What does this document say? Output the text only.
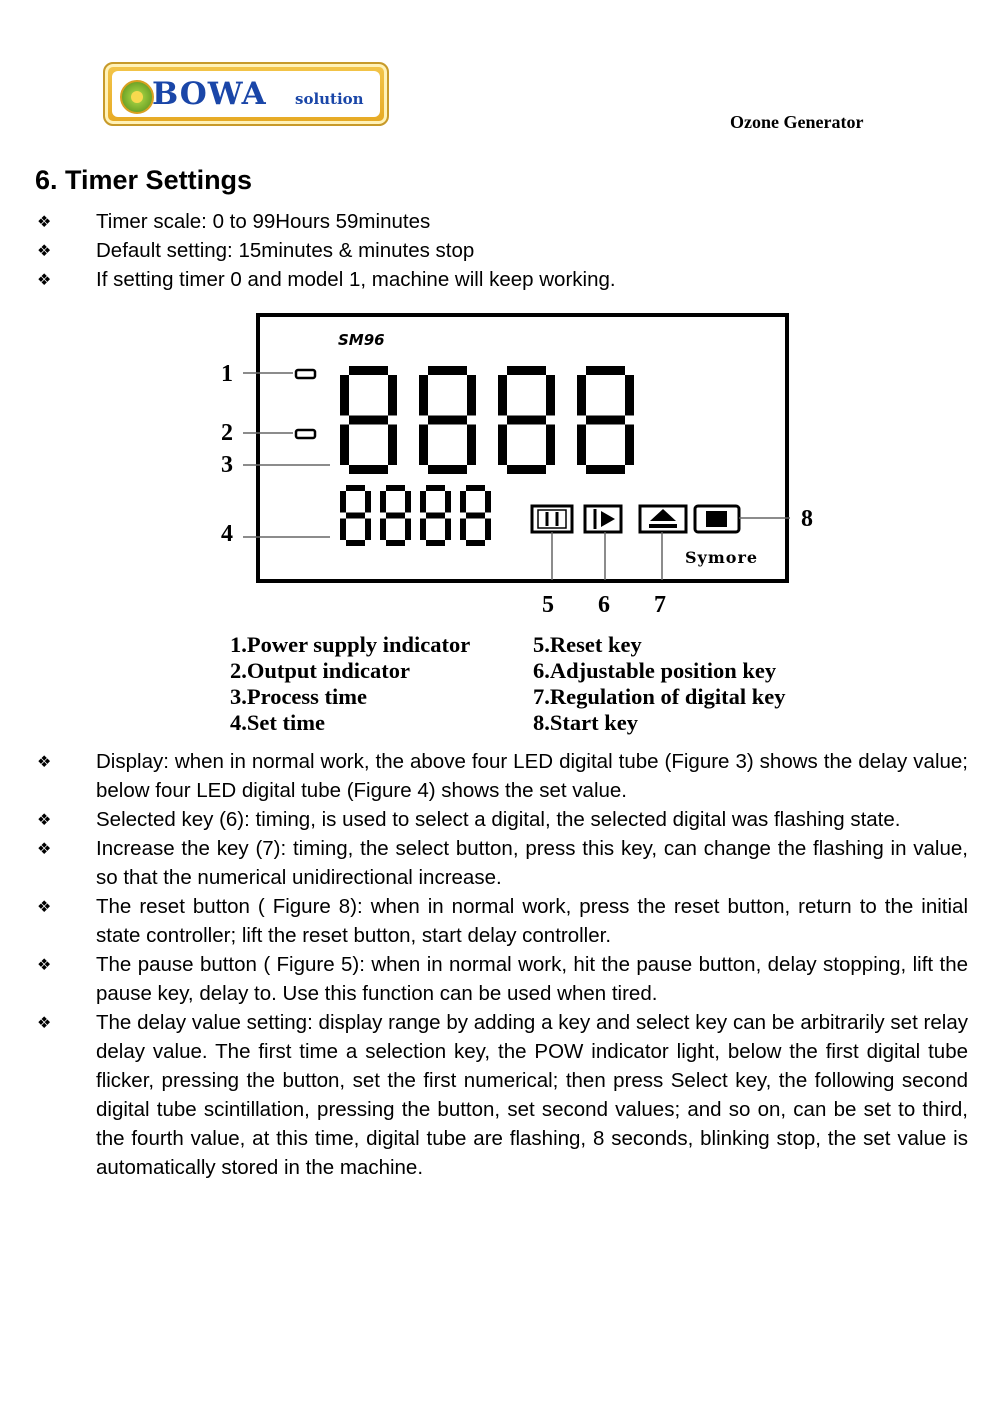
BOWA solution
Ozone Generator
6. Timer Settings
❖ Timer scale: 0 to 99Hours 59minutes
❖ Default setting: 15minutes & minutes stop
❖ If setting timer 0 and model 1, machine will keep working.
SM96
Symore
1
2
3
4
5 6 7
8
1.Power supply indicator
2.Output indicator
3.Process time
4.Set time
5.Reset key
6.Adjustable position key
7.Regulation of digital key
8.Start key
❖ Display: when in normal work, the above four LED digital tube (Figure 3) shows the delay value; below four LED digital tube (Figure 4) shows the set value.
❖ Selected key (6): timing, is used to select a digital, the selected digital was flashing state.
❖ Increase the key (7): timing, the select button, press this key, can change the flashing in value, so that the numerical unidirectional increase.
❖ The reset button ( Figure 8): when in normal work, press the reset button, return to the initial state controller; lift the reset button, start delay controller.
❖ The pause button ( Figure 5): when in normal work, hit the pause button, delay stopping, lift the pause key, delay to. Use this function can be used when tired.
❖ The delay value setting: display range by adding a key and select key can be arbitrarily set relay delay value. The first time a selection key, the POW indicator light, below the first digital tube flicker, pressing the button, set the first numerical; then press Select key, the following second digital tube scintillation, pressing the button, set second values; and so on, can be set to third, the fourth value, at this time, digital tube are flashing, 8 seconds, blinking stop, the set value is automatically stored in the machine.
